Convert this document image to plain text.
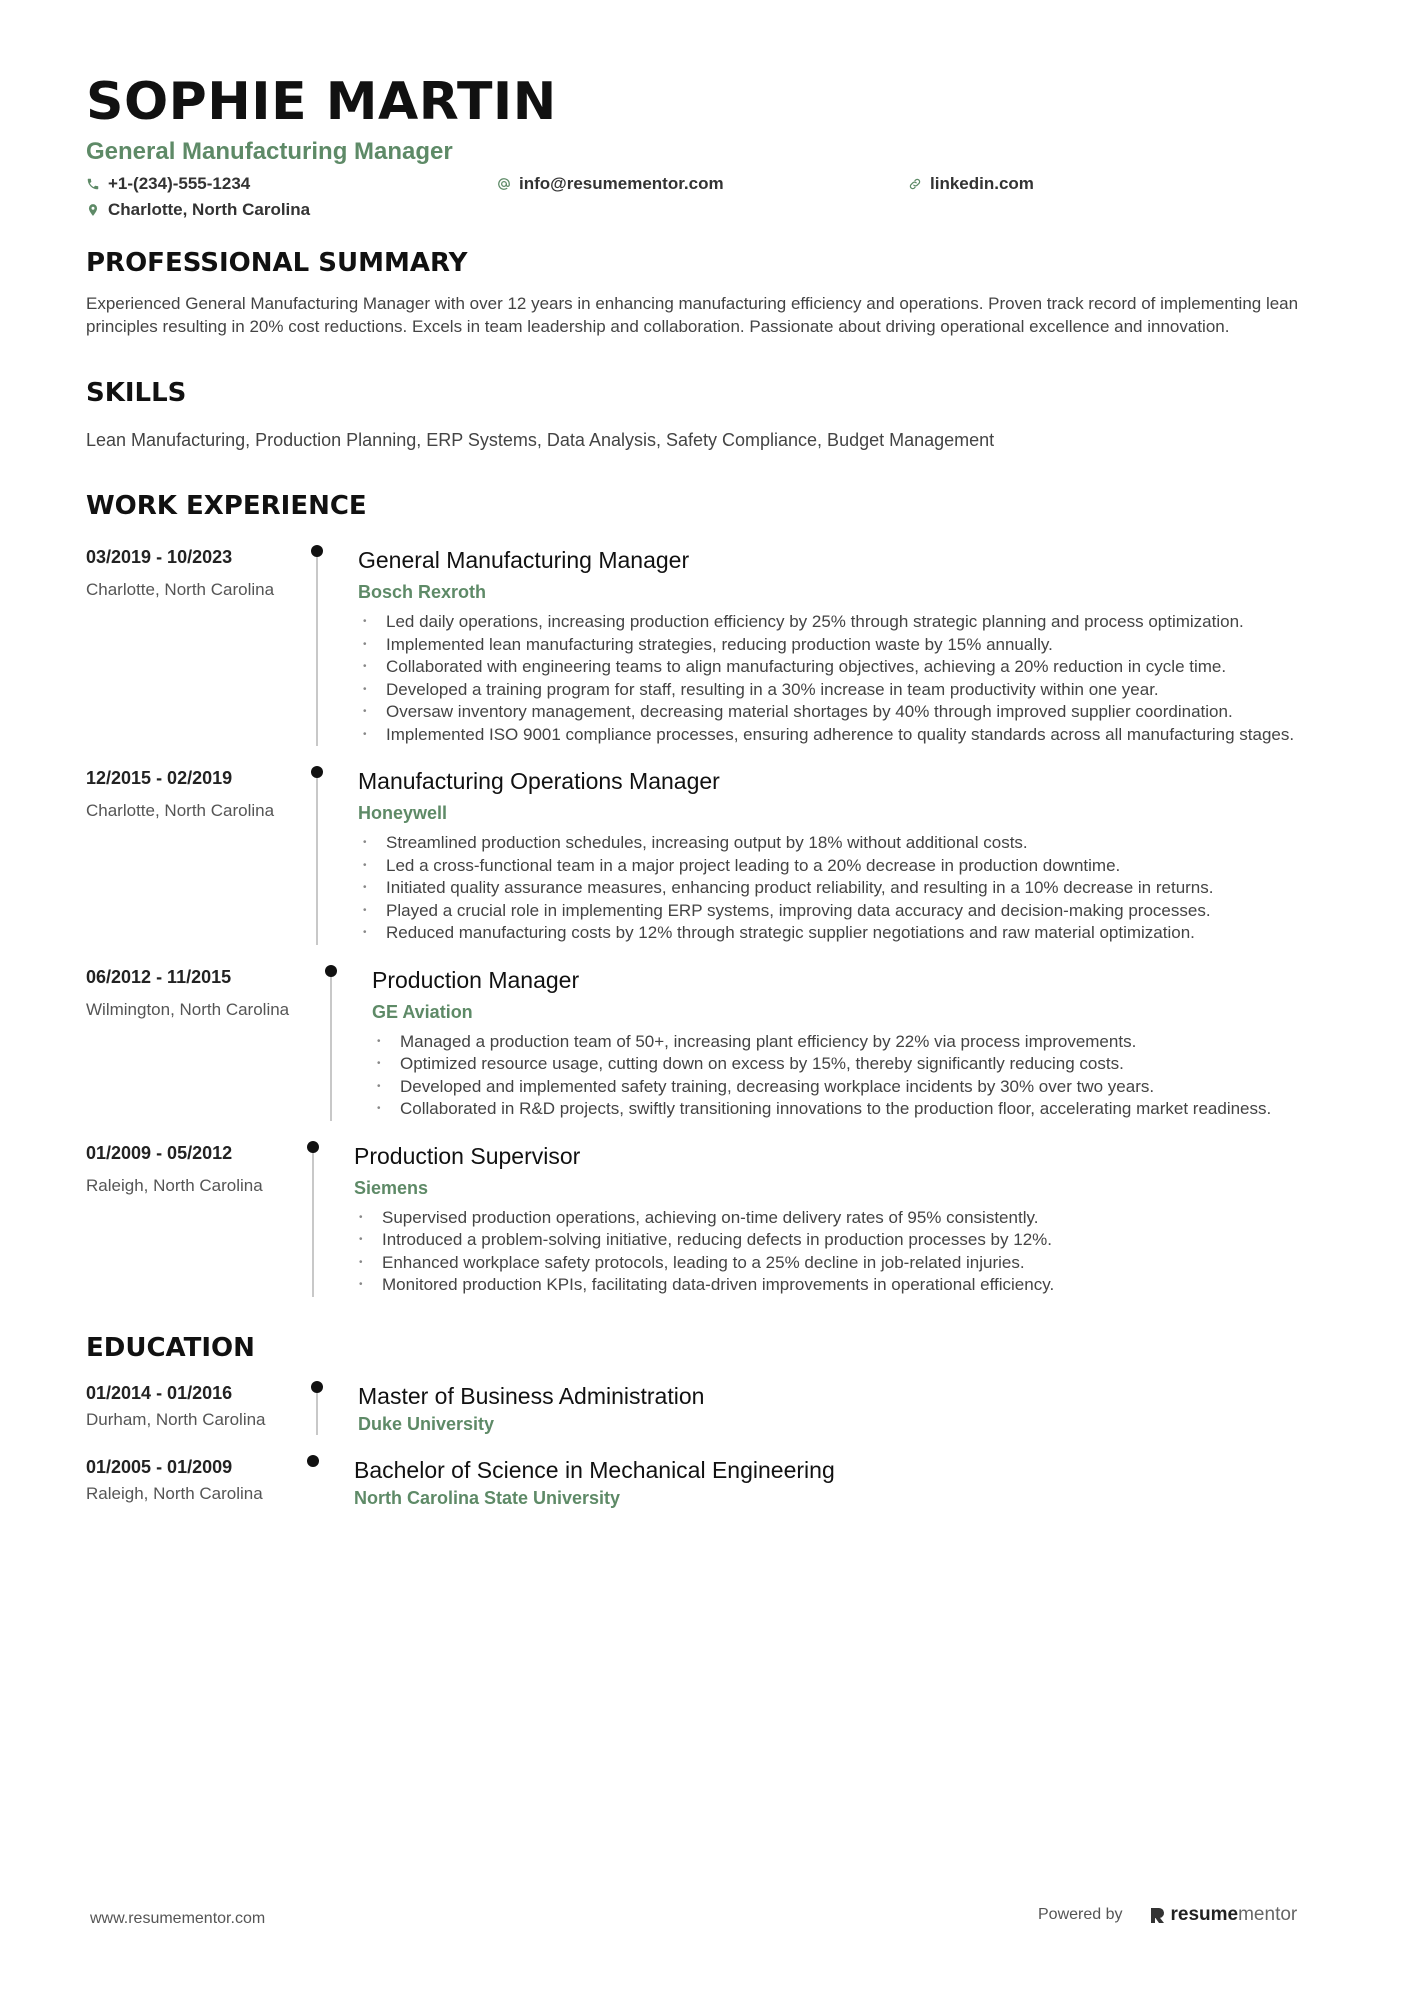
SOPHIE MARTIN
General Manufacturing Manager
+1-(234)-555-1234	info@resumementor.com	linkedin.com
Charlotte, North Carolina
PROFESSIONAL SUMMARY
Experienced General Manufacturing Manager with over 12 years in enhancing manufacturing efficiency and operations. Proven track record of implementing lean principles resulting in 20% cost reductions. Excels in team leadership and collaboration. Passionate about driving operational excellence and innovation.
SKILLS
Lean Manufacturing, Production Planning, ERP Systems, Data Analysis, Safety Compliance, Budget Management
WORK EXPERIENCE
03/2019 - 10/2023
Charlotte, North Carolina
General Manufacturing Manager
Bosch Rexroth
• Led daily operations, increasing production efficiency by 25% through strategic planning and process optimization.
• Implemented lean manufacturing strategies, reducing production waste by 15% annually.
• Collaborated with engineering teams to align manufacturing objectives, achieving a 20% reduction in cycle time.
• Developed a training program for staff, resulting in a 30% increase in team productivity within one year.
• Oversaw inventory management, decreasing material shortages by 40% through improved supplier coordination.
• Implemented ISO 9001 compliance processes, ensuring adherence to quality standards across all manufacturing stages.
12/2015 - 02/2019
Charlotte, North Carolina
Manufacturing Operations Manager
Honeywell
• Streamlined production schedules, increasing output by 18% without additional costs.
• Led a cross-functional team in a major project leading to a 20% decrease in production downtime.
• Initiated quality assurance measures, enhancing product reliability, and resulting in a 10% decrease in returns.
• Played a crucial role in implementing ERP systems, improving data accuracy and decision-making processes.
• Reduced manufacturing costs by 12% through strategic supplier negotiations and raw material optimization.
06/2012 - 11/2015
Wilmington, North Carolina
Production Manager
GE Aviation
• Managed a production team of 50+, increasing plant efficiency by 22% via process improvements.
• Optimized resource usage, cutting down on excess by 15%, thereby significantly reducing costs.
• Developed and implemented safety training, decreasing workplace incidents by 30% over two years.
• Collaborated in R&D projects, swiftly transitioning innovations to the production floor, accelerating market readiness.
01/2009 - 05/2012
Raleigh, North Carolina
Production Supervisor
Siemens
• Supervised production operations, achieving on-time delivery rates of 95% consistently.
• Introduced a problem-solving initiative, reducing defects in production processes by 12%.
• Enhanced workplace safety protocols, leading to a 25% decline in job-related injuries.
• Monitored production KPIs, facilitating data-driven improvements in operational efficiency.
EDUCATION
01/2014 - 01/2016
Durham, North Carolina
Master of Business Administration
Duke University
01/2005 - 01/2009
Raleigh, North Carolina
Bachelor of Science in Mechanical Engineering
North Carolina State University
www.resumementor.com	Powered by	resume mentor
